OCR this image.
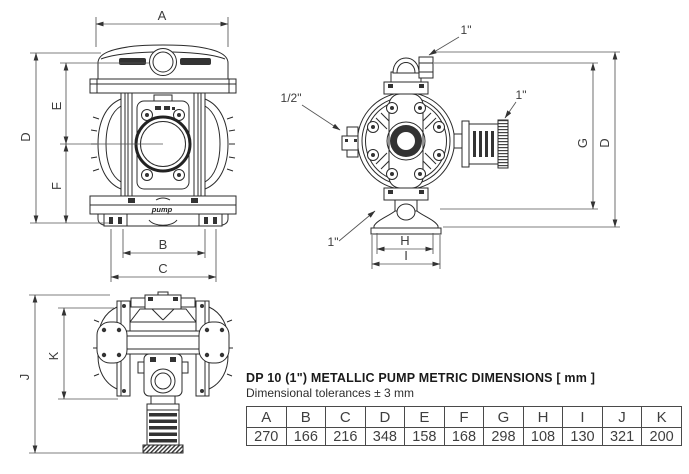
pump
A
D
E
F
B
C
G D
H
I
1/2"
1"
1"
1"
J
K
DP 10 (1") METALLIC PUMP METRIC DIMENSIONS [ mm ]
Dimensional tolerances ± 3 mm
A	B	C	D	E	F	G	H	I	J	K
270	166	216	348	158	168	298	108	130	321	200
